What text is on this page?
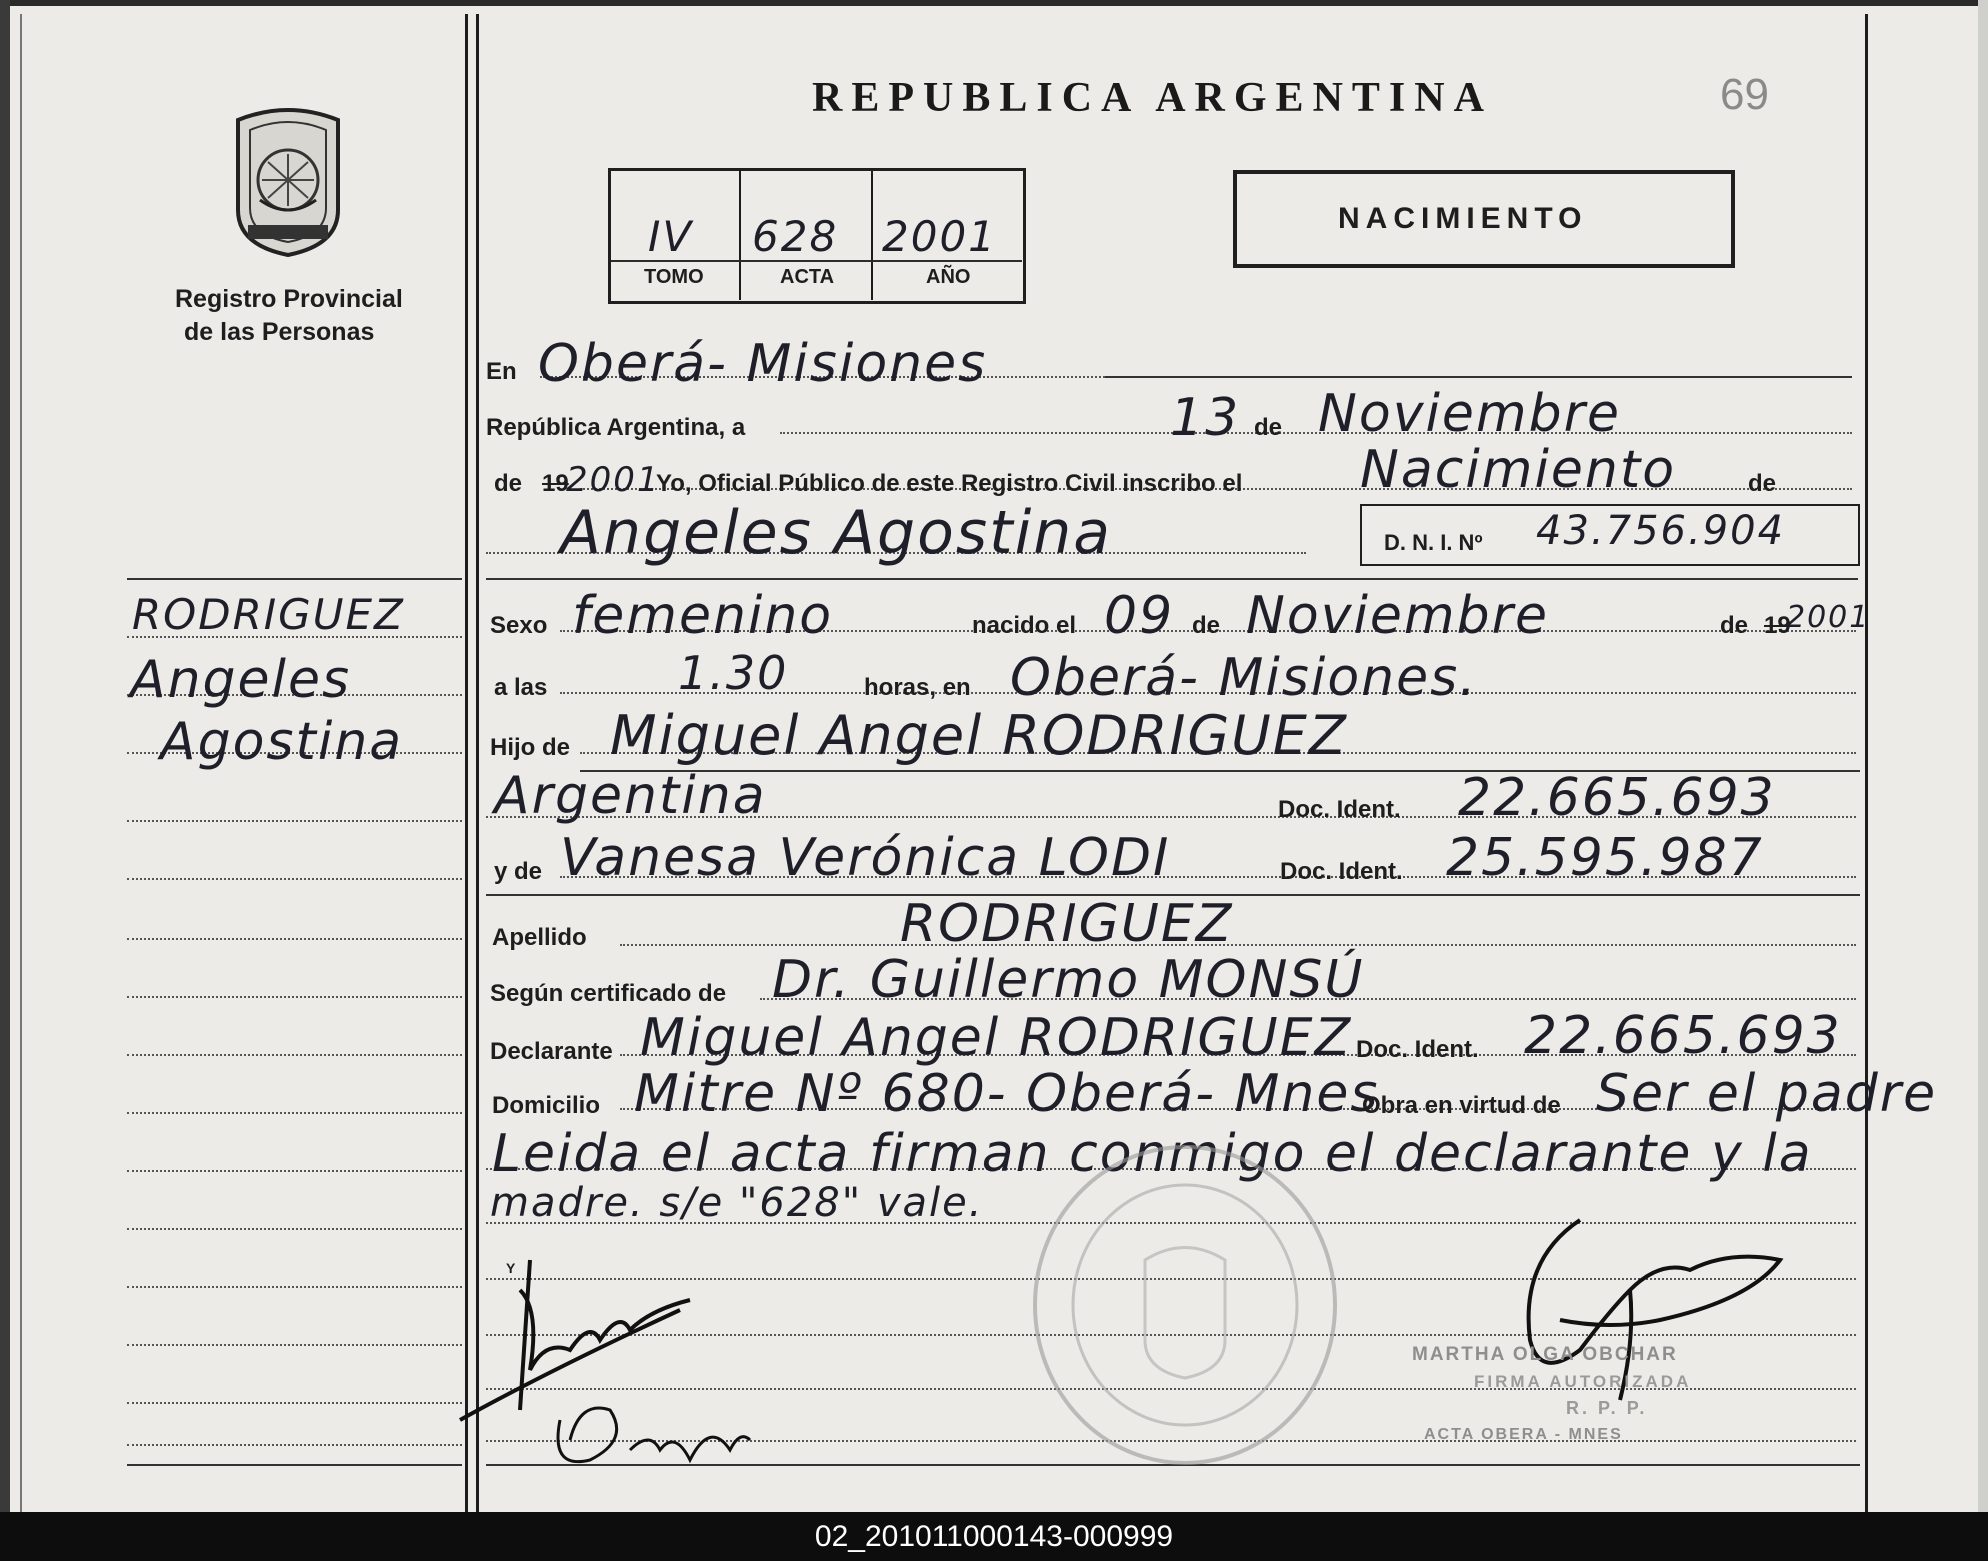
Registro Provincial
de las Personas
REPUBLICA ARGENTINA	69
IV 628 2001
TOMO	ACTA	AÑO
NACIMIENTO
RODRIGUEZ
Angeles
Agostina
En Oberá- Misiones
República Argentina, a	13 de Noviembre
de 19
2001
Yo, Oficial Público de este Registro Civil inscribo el Nacimiento	de
Angeles Agostina	D. N. I. Nº 43.756.904
Sexo femenino	nacido el 09 de Noviembre	de 19
2001
a las	1.30	horas, en Oberá- Misiones.
Hijo de Miguel Angel RODRIGUEZ
Argentina	Doc. Ident. 22.665.693
y de Vanesa Verónica LODI	Doc. Ident. 25.595.987
Apellido	RODRIGUEZ
Según certificado de Dr. Guillermo MONSÚ
Declarante Miguel Angel RODRIGUEZ Doc. Ident. 22.665.693
Domicilio Mitre Nº 680- Oberá- Mnes
Obra en virtud de Ser el padre
Leida el acta firman conmigo el declarante y la
madre. s/e "628" vale.
Y
MARTHA OLGA OBCHAR
FIRMA AUTORIZADA
R. P. P.
ACTA OBERA - MNES
02_201011000143-000999
